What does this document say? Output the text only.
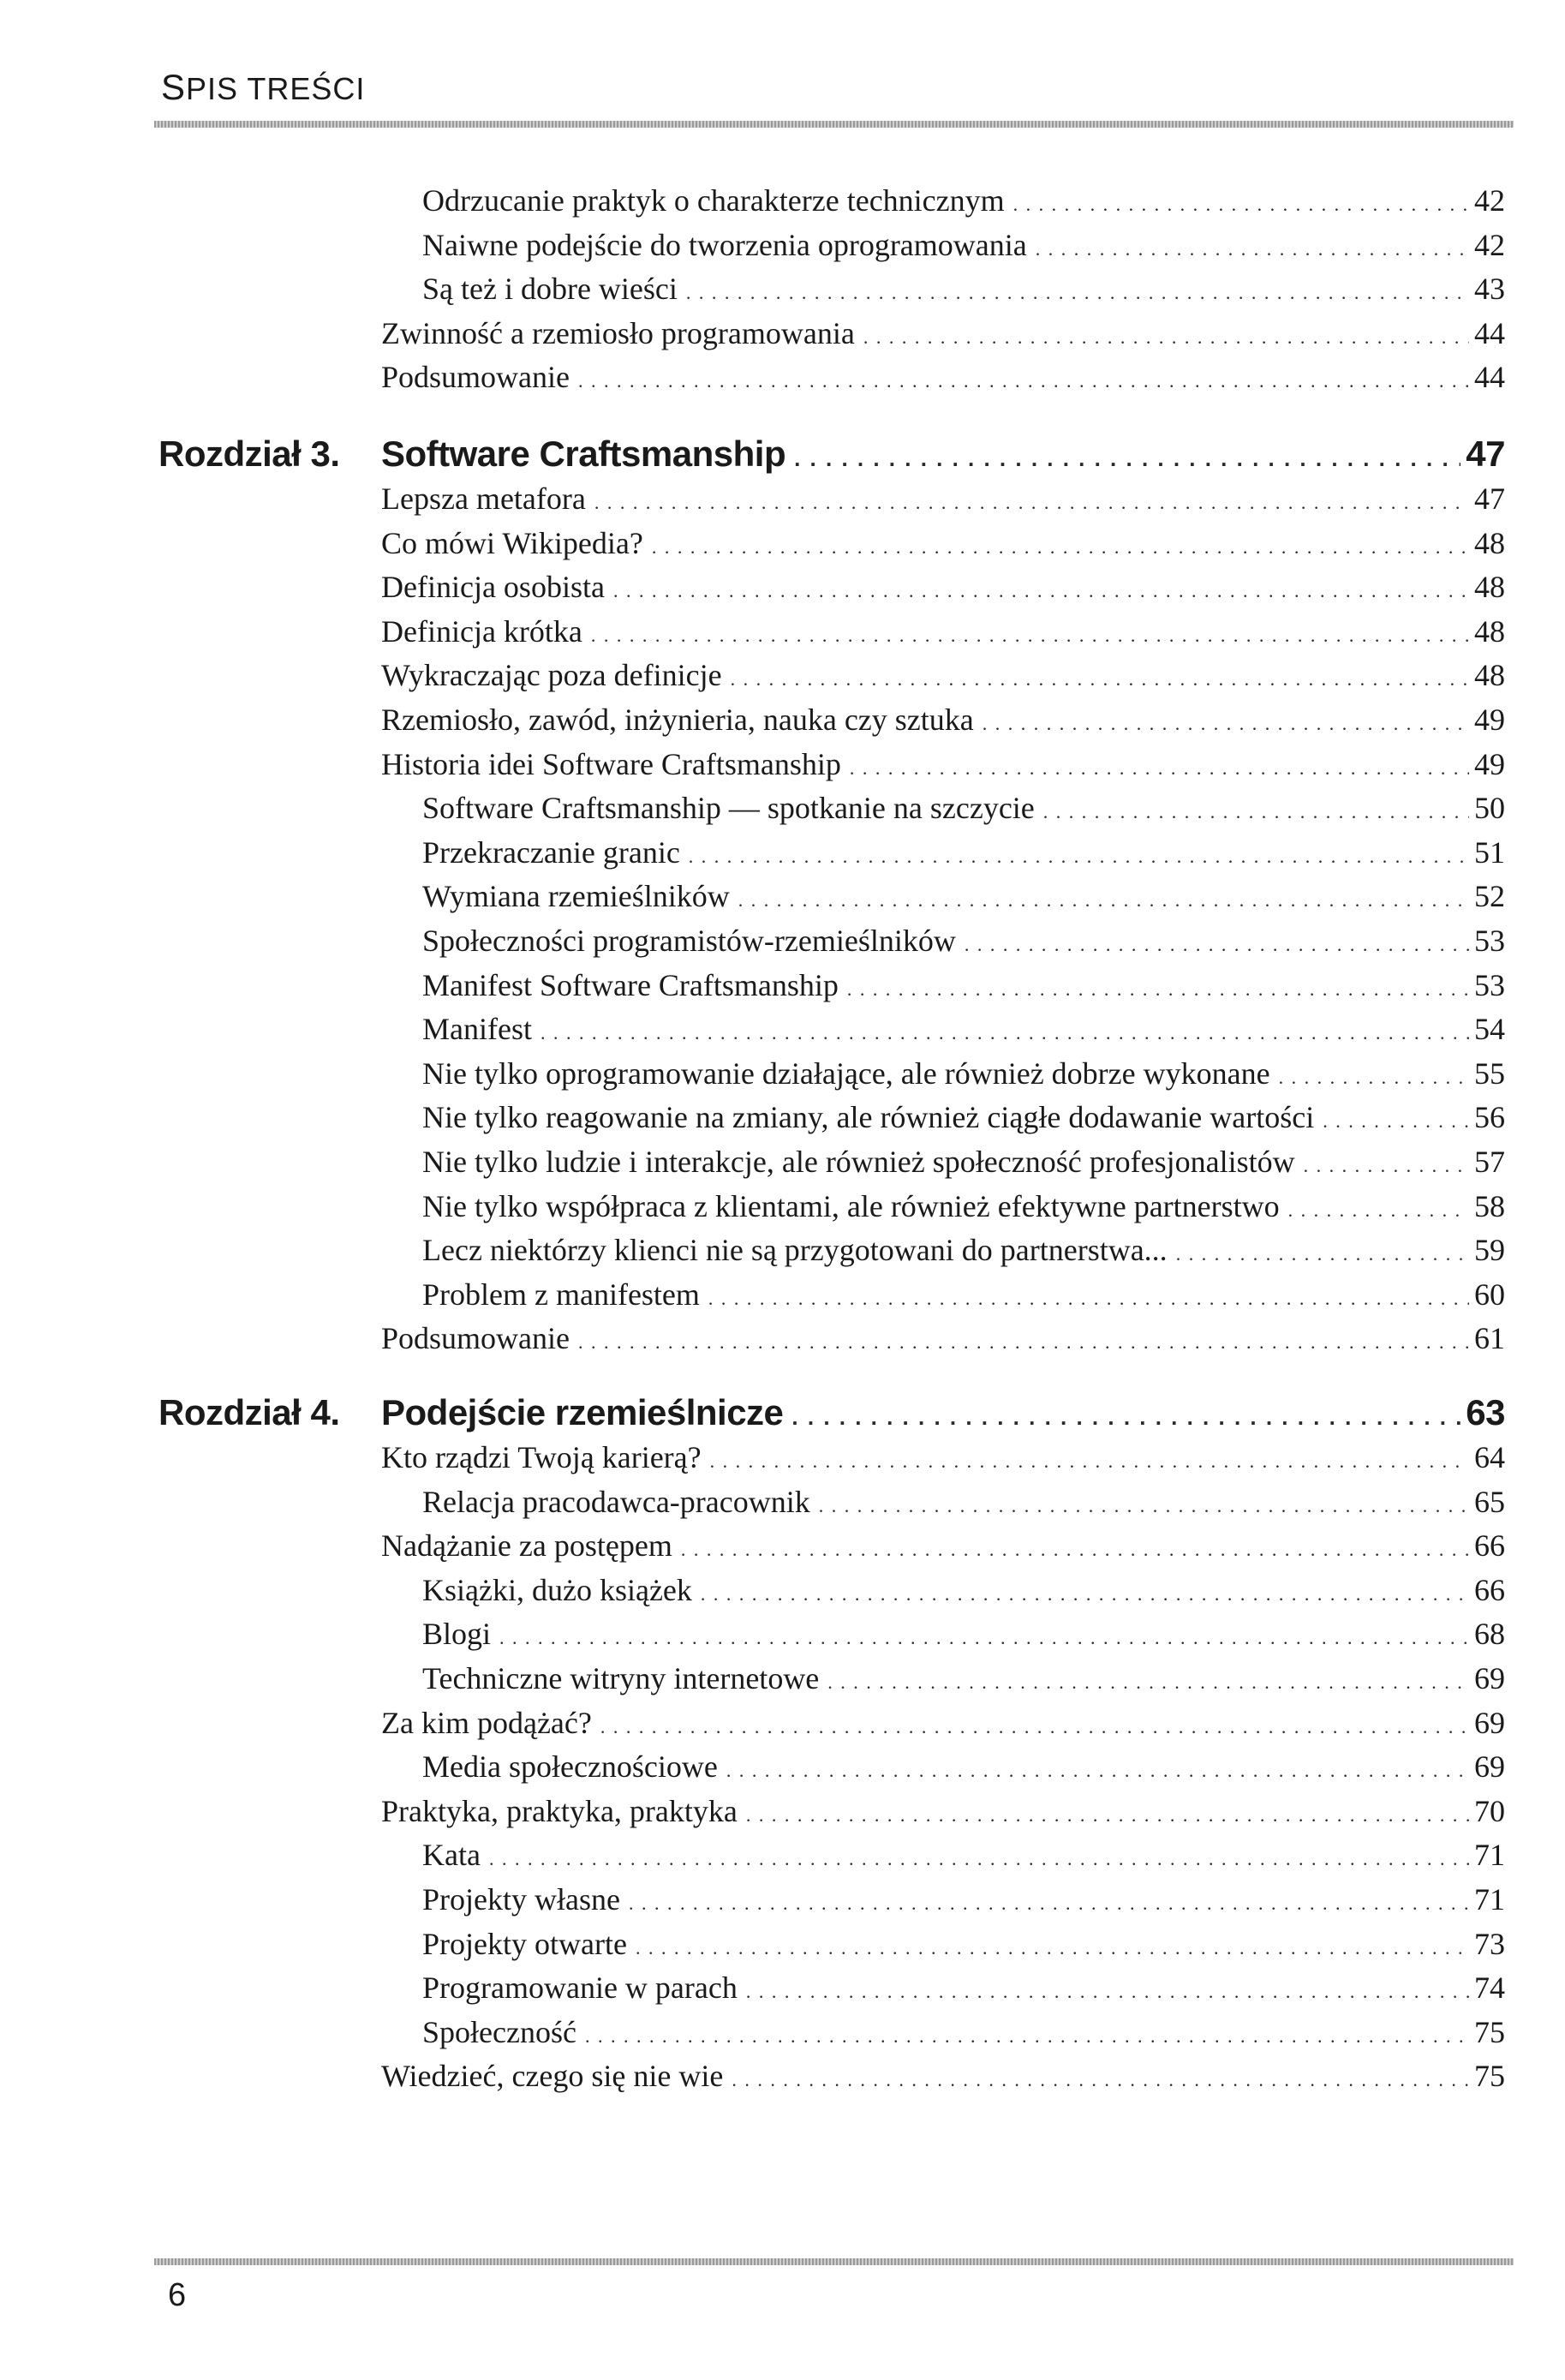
SPIS TREŚCI
Odrzucanie praktyk o charakterze technicznym . . .	42
Naiwne podejście do tworzenia oprogramowania . . .	42
Są też i dobre wieści . . .	43
Zwinność a rzemiosło programowania . . .	44
Podsumowanie . . .	44
Rozdział 3. Software Craftsmanship . . .	47
Lepsza metafora . . .	47
Co mówi Wikipedia? . . .	48
Definicja osobista . . .	48
Definicja krótka . . .	48
Wykraczając poza definicje . . .	48
Rzemiosło, zawód, inżynieria, nauka czy sztuka . . .	49
Historia idei Software Craftsmanship . . .	49
Software Craftsmanship — spotkanie na szczycie . . .	50
Przekraczanie granic . . .	51
Wymiana rzemieślników . . .	52
Społeczności programistów-rzemieślników . . .	53
Manifest Software Craftsmanship . . .	53
Manifest . . .	54
Nie tylko oprogramowanie działające, ale również dobrze wykonane . . .	55
Nie tylko reagowanie na zmiany, ale również ciągłe dodawanie wartości . . .	56
Nie tylko ludzie i interakcje, ale również społeczność profesjonalistów . . .	57
Nie tylko współpraca z klientami, ale również efektywne partnerstwo . . .	58
Lecz niektórzy klienci nie są przygotowani do partnerstwa... . . .	59
Problem z manifestem . . .	60
Podsumowanie . . .	61
Rozdział 4. Podejście rzemieślnicze . . .	63
Kto rządzi Twoją karierą? . . .	64
Relacja pracodawca-pracownik . . .	65
Nadążanie za postępem . . .	66
Książki, dużo książek . . .	66
Blogi . . .	68
Techniczne witryny internetowe . . .	69
Za kim podążać? . . .	69
Media społecznościowe . . .	69
Praktyka, praktyka, praktyka . . .	70
Kata . . .	71
Projekty własne . . .	71
Projekty otwarte . . .	73
Programowanie w parach . . .	74
Społeczność . . .	75
Wiedzieć, czego się nie wie . . .	75
6
